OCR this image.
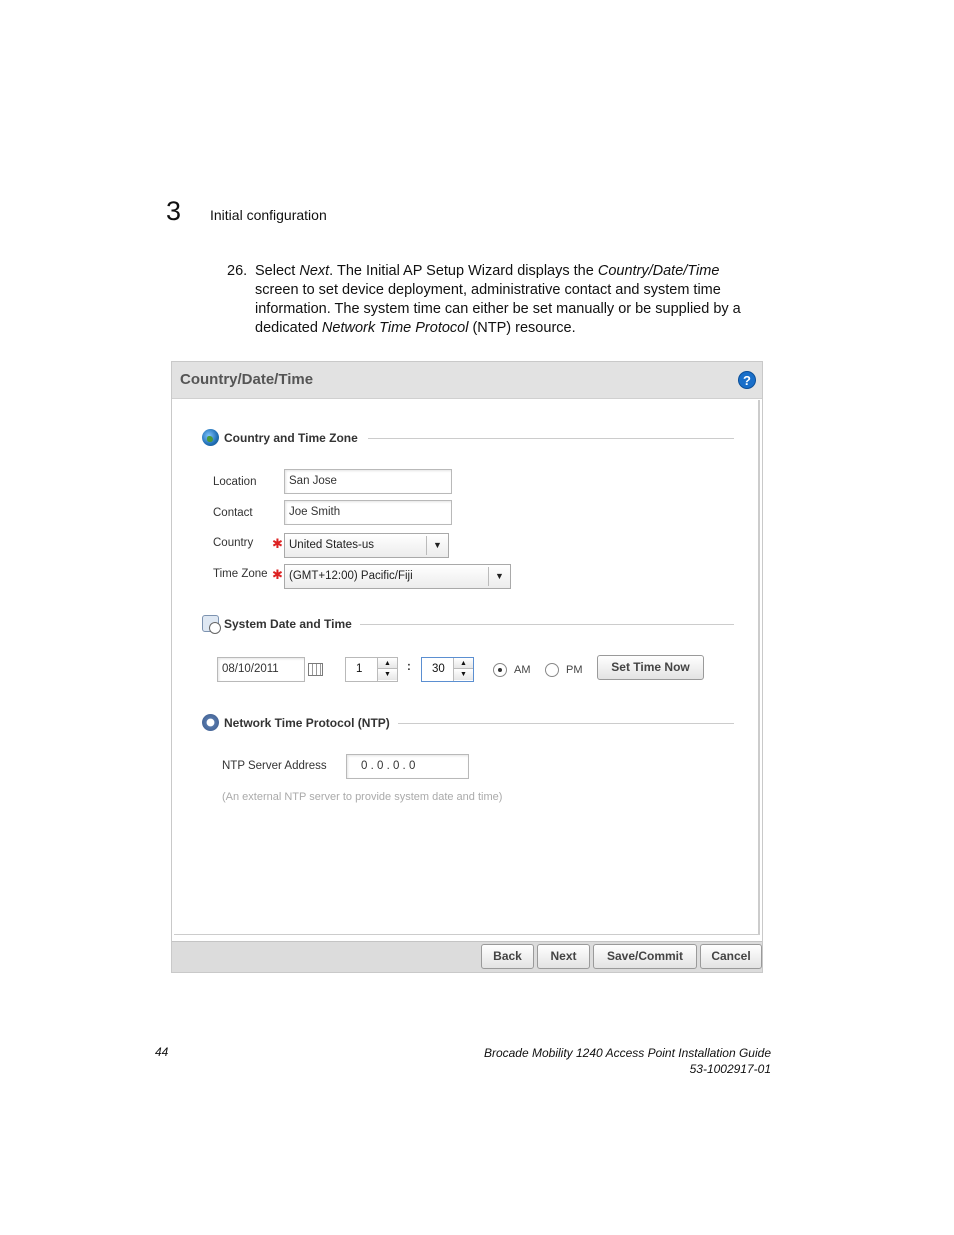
3 Initial configuration
26. Select Next. The Initial AP Setup Wizard displays the Country/Date/Time screen to set device deployment, administrative contact and system time information. The system time can either be set manually or be supplied by a dedicated Network Time Protocol (NTP) resource.
Country/Date/Time	?
Country and Time Zone
Location	San Jose
Contact	Joe Smith
Country ✱ United States-us	▼
Time Zone ✱ (GMT+12:00) Pacific/Fiji	▼
System Date and Time
08/10/2011	1	▲
▼
:	30	▲
▼	AM	PM	Set Time Now
Network Time Protocol (NTP)
NTP Server Address	0 . 0 . 0 . 0
(An external NTP server to provide system date and time)
Back	Next	Save/Commit	Cancel
44	Brocade Mobility 1240 Access Point Installation Guide
53-1002917-01
